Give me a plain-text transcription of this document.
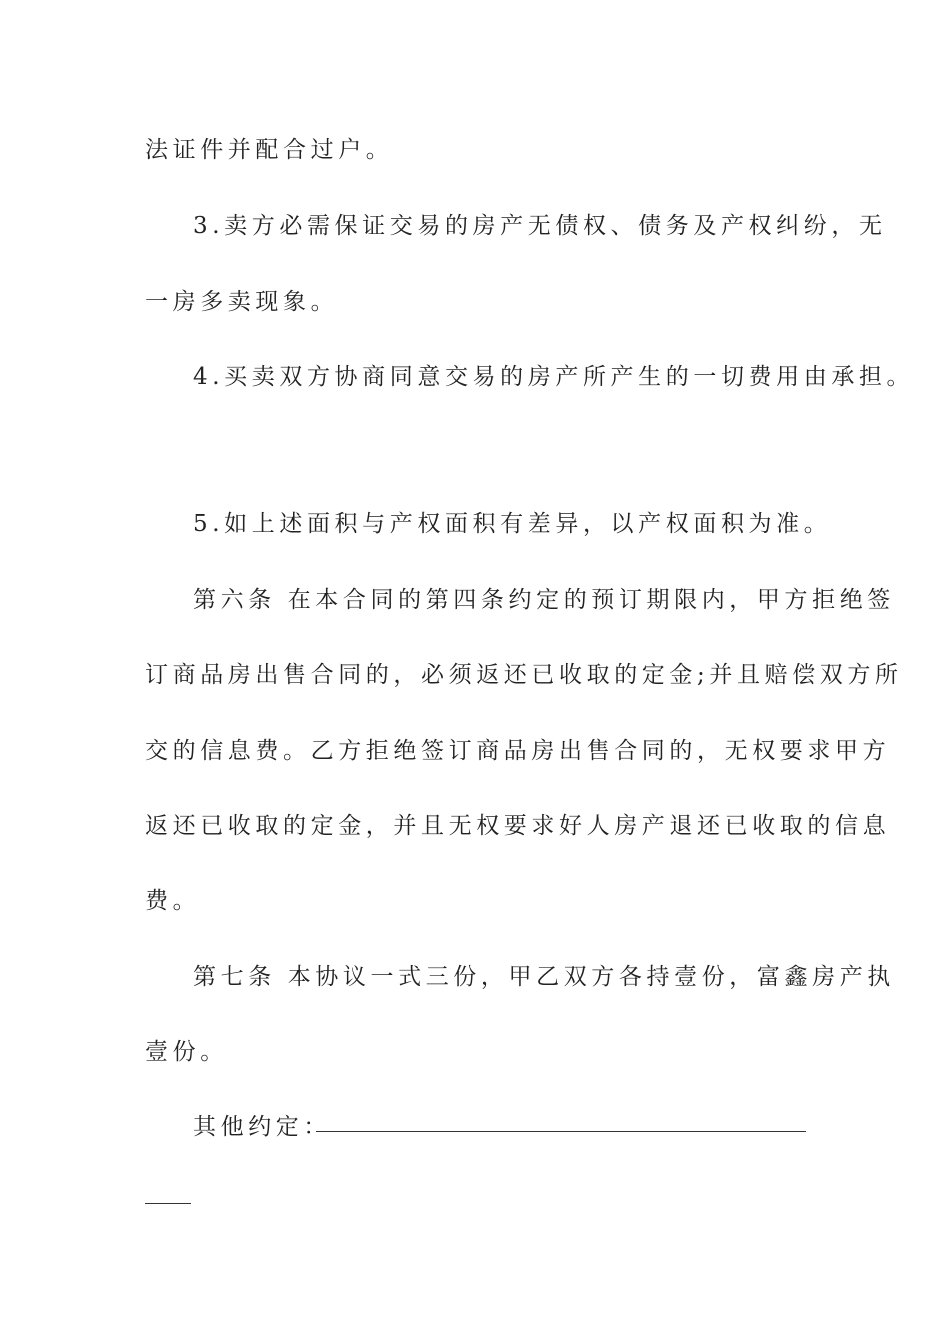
法证件并配合过户。
3.卖方必需保证交易的房产无债权、债务及产权纠纷，无
一房多卖现象。
4.买卖双方协商同意交易的房产所产生的一切费用由承担。
5.如上述面积与产权面积有差异，以产权面积为准。
第六条 在本合同的第四条约定的预订期限内，甲方拒绝签
订商品房出售合同的，必须返还已收取的定金;并且赔偿双方所
交的信息费。乙方拒绝签订商品房出售合同的，无权要求甲方
返还已收取的定金，并且无权要求好人房产退还已收取的信息
费。
第七条 本协议一式三份，甲乙双方各持壹份，富鑫房产执
壹份。
其他约定：
